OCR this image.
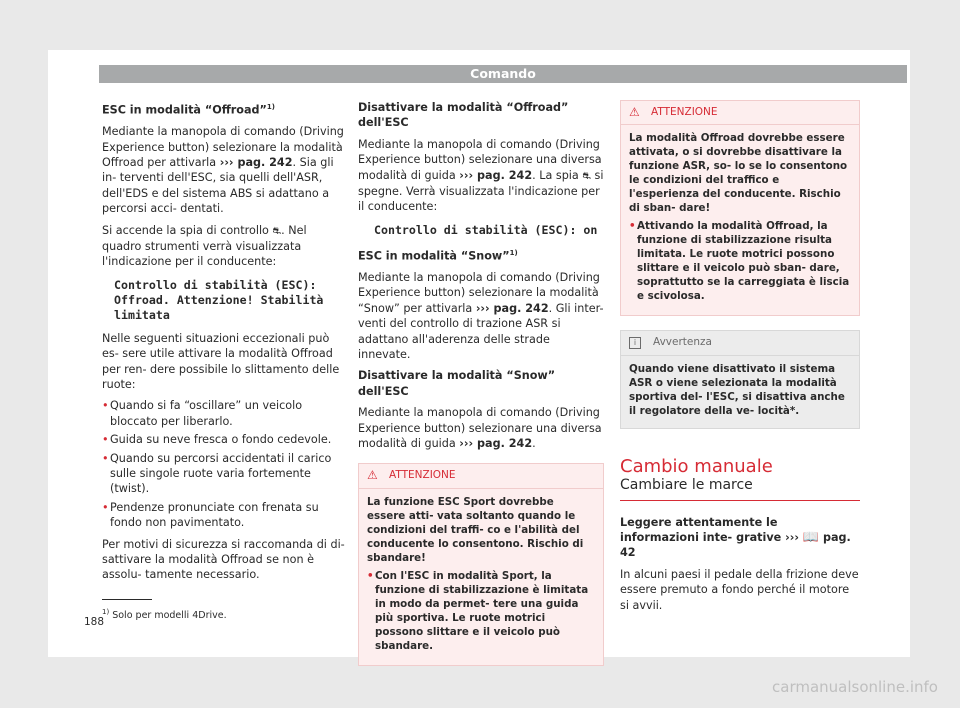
Comando

ESC in modalità “Offroad”$^{1)}$

Mediante la manopola di comando (Driving Experience button) selezionare la modalità Offroad per attivarla ››› pag. 242. Sia gli in- terventi dell'ESC, sia quelli dell'ASR, dell'EDS e del sistema ABS si adattano a percorsi acci- dentati.

Si accende la spia di controllo ⛐. Nel quadro strumenti verrà visualizzata l'indicazione per il conducente:

Controllo di stabilità (ESC): Offroad. Attenzione! Stabilità limitata

Nelle seguenti situazioni eccezionali può es- sere utile attivare la modalità Offroad per ren- dere possibile lo slittamento delle ruote:

• Quando si fa “oscillare” un veicolo bloccato per liberarlo.
• Guida su neve fresca o fondo cedevole.
• Quando su percorsi accidentati il carico sulle singole ruote varia fortemente (twist).
• Pendenze pronunciate con frenata su fondo non pavimentato.

Per motivi di sicurezza si raccomanda di di- sattivare la modalità Offroad se non è assolu- tamente necessario.

Disattivare la modalità “Offroad” dell'ESC

Mediante la manopola di comando (Driving Experience button) selezionare una diversa modalità di guida ››› pag. 242. La spia ⛐ si spegne. Verrà visualizzata l'indicazione per il conducente:

Controllo di stabilità (ESC): on

ESC in modalità “Snow”$^{1)}$

Mediante la manopola di comando (Driving Experience button) selezionare la modalità “Snow” per attivarla ››› pag. 242. Gli inter- venti del controllo di trazione ASR si adattano all'aderenza delle strade innevate.

Disattivare la modalità “Snow” dell'ESC

Mediante la manopola di comando (Driving Experience button) selezionare una diversa modalità di guida ››› pag. 242.

⚠	ATTENZIONE

La funzione ESC Sport dovrebbe essere atti- vata soltanto quando le condizioni del traffi- co e l'abilità del conducente lo consentono. Rischio di sbandare!

• Con l'ESC in modalità Sport, la funzione di stabilizzazione è limitata in modo da permet- tere una guida più sportiva. Le ruote motrici possono slittare e il veicolo può sbandare.
⚠	ATTENZIONE

La modalità Offroad dovrebbe essere attivata, o si dovrebbe disattivare la funzione ASR, so- lo se lo consentono le condizioni del traffico e l'esperienza del conducente. Rischio di sban- dare!

• Attivando la modalità Offroad, la funzione di stabilizzazione risulta limitata. Le ruote motrici possono slittare e il veicolo può sban- dare, soprattutto se la carreggiata è liscia e scivolosa.
i	Avvertenza

Quando viene disattivato il sistema ASR o viene selezionata la modalità sportiva del- l'ESC, si disattiva anche il regolatore della ve- locità*.

Cambio manuale
Cambiare le marce

Leggere attentamente le informazioni inte- grative ››› 📖 pag. 42

In alcuni paesi il pedale della frizione deve essere premuto a fondo perché il motore si avvii.

$^{1)}$ Solo per modelli 4Drive.
188
carmanualsonline.info
